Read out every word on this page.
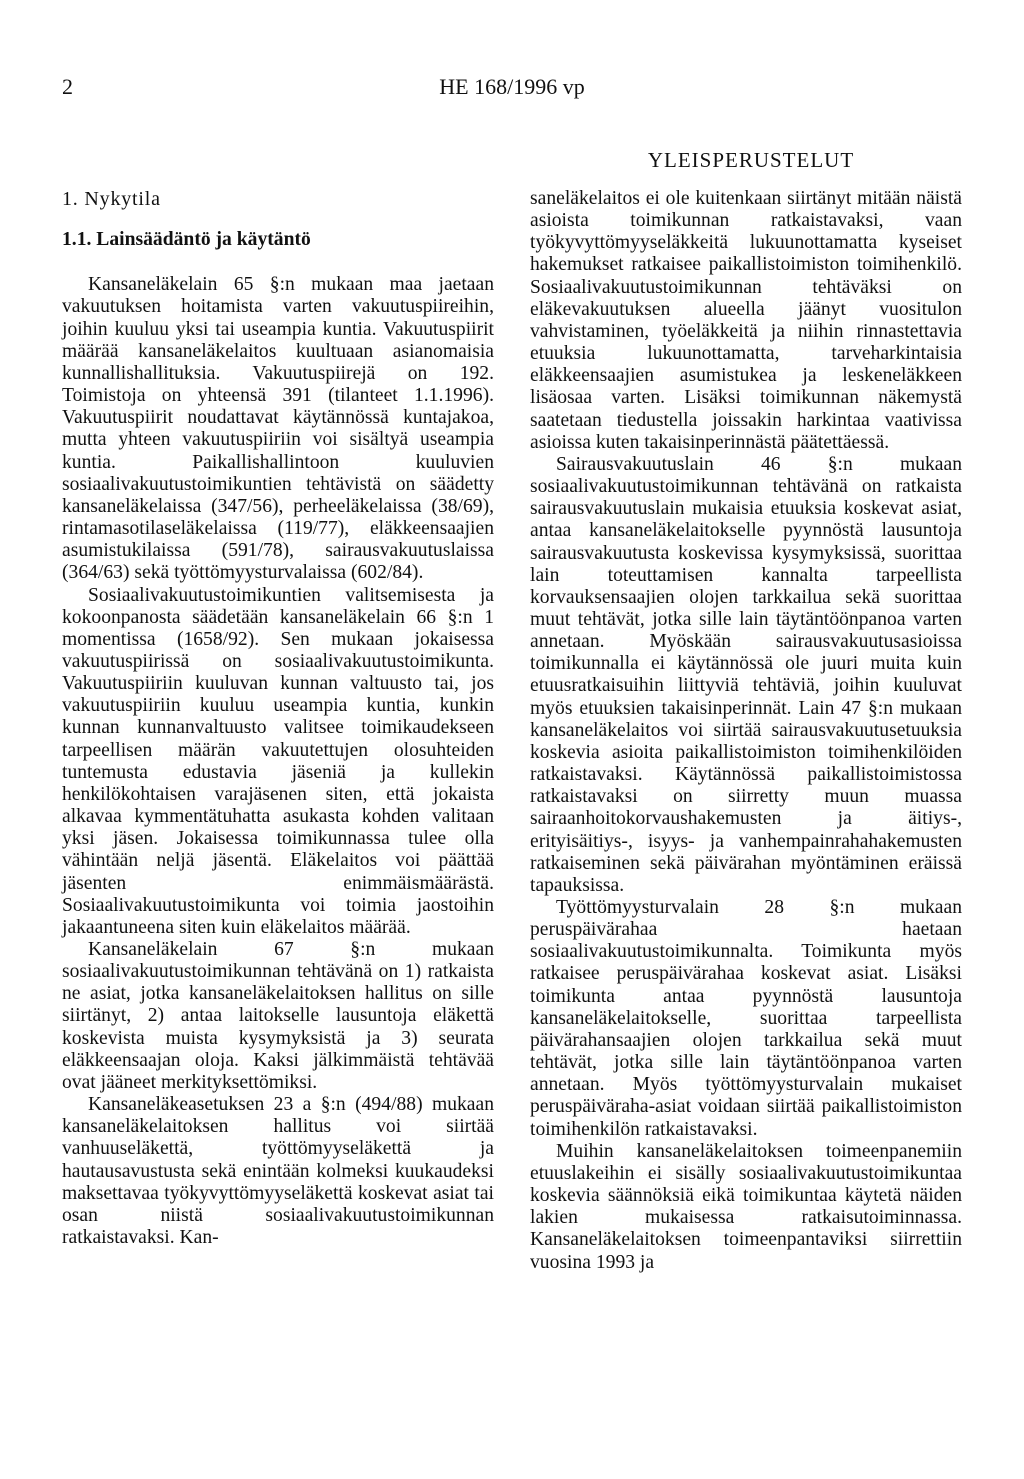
2	HE 168/1996 vp
YLEISPERUSTELUT
1. Nykytila
1.1. Lainsäädäntö ja käytäntö

Kansaneläkelain 65 §:n mukaan maa jaetaan vakuutuksen hoitamista varten vakuutuspiireihin, joihin kuuluu yksi tai useampia kuntia. Vakuutuspiirit määrää kansaneläkelaitos kuultuaan asianomaisia kunnallishallituksia. Vakuutuspiirejä on 192. Toimistoja on yhteensä 391 (tilanteet 1.1.1996). Vakuutuspiirit noudattavat käytännössä kuntajakoa, mutta yhteen vakuutuspiiriin voi sisältyä useampia kuntia. Paikallishallintoon kuuluvien sosiaalivakuutustoimikuntien tehtävistä on säädetty kansaneläkelaissa (347/56), perheeläkelaissa (38/69), rintamasotilaseläkelaissa (119/77), eläkkeensaajien asumistukilaissa (591/78), sairausvakuutuslaissa (364/63) sekä työttömyysturvalaissa (602/84).

Sosiaalivakuutustoimikuntien valitsemisesta ja kokoonpanosta säädetään kansaneläkelain 66 §:n 1 momentissa (1658/92). Sen mukaan jokaisessa vakuutuspiirissä on sosiaalivakuutustoimikunta. Vakuutuspiiriin kuuluvan kunnan valtuusto tai, jos vakuutuspiiriin kuuluu useampia kuntia, kunkin kunnan kunnanvaltuusto valitsee toimikaudekseen tarpeellisen määrän vakuutettujen olosuhteiden tuntemusta edustavia jäseniä ja kullekin henkilökohtaisen varajäsenen siten, että jokaista alkavaa kymmentätuhatta asukasta kohden valitaan yksi jäsen. Jokaisessa toimikunnassa tulee olla vähintään neljä jäsentä. Eläkelaitos voi päättää jäsenten enimmäismäärästä. Sosiaalivakuutustoimikunta voi toimia jaostoihin jakaantuneena siten kuin eläkelaitos määrää.

Kansaneläkelain 67 §:n mukaan sosiaalivakuutustoimikunnan tehtävänä on 1) ratkaista ne asiat, jotka kansaneläkelaitoksen hallitus on sille siirtänyt, 2) antaa laitokselle lausuntoja eläkettä koskevista muista kysymyksistä ja 3) seurata eläkkeensaajan oloja. Kaksi jälkimmäistä tehtävää ovat jääneet merkityksettömiksi.

Kansaneläkeasetuksen 23 a §:n (494/88) mukaan kansaneläkelaitoksen hallitus voi siirtää vanhuuseläkettä, työttömyyseläkettä ja hautausavustusta sekä enintään kolmeksi kuukaudeksi maksettavaa työkyvyttömyyseläkettä koskevat asiat tai osan niistä sosiaalivakuutustoimikunnan ratkaistavaksi. Kan-

saneläkelaitos ei ole kuitenkaan siirtänyt mitään näistä asioista toimikunnan ratkaistavaksi, vaan työkyvyttömyyseläkkeitä lukuunottamatta kyseiset hakemukset ratkaisee paikallistoimiston toimihenkilö. Sosiaalivakuutustoimikunnan tehtäväksi on eläkevakuutuksen alueella jäänyt vuositulon vahvistaminen, työeläkkeitä ja niihin rinnastettavia etuuksia lukuunottamatta, tarveharkintaisia eläkkeensaajien asumistukea ja leskeneläkkeen lisäosaa varten. Lisäksi toimikunnan näkemystä saatetaan tiedustella joissakin harkintaa vaativissa asioissa kuten takaisinperinnästä päätettäessä.

Sairausvakuutuslain 46 §:n mukaan sosiaalivakuutustoimikunnan tehtävänä on ratkaista sairausvakuutuslain mukaisia etuuksia koskevat asiat, antaa kansaneläkelaitokselle pyynnöstä lausuntoja sairausvakuutusta koskevissa kysymyksissä, suorittaa lain toteuttamisen kannalta tarpeellista korvauksensaajien olojen tarkkailua sekä suorittaa muut tehtävät, jotka sille lain täytäntöönpanoa varten annetaan. Myöskään sairausvakuutusasioissa toimikunnalla ei käytännössä ole juuri muita kuin etuusratkaisuihin liittyviä tehtäviä, joihin kuuluvat myös etuuksien takaisinperinnät. Lain 47 §:n mukaan kansaneläkelaitos voi siirtää sairausvakuutusetuuksia koskevia asioita paikallistoimiston toimihenkilöiden ratkaistavaksi. Käytännössä paikallistoimistossa ratkaistavaksi on siirretty muun muassa sairaanhoitokorvaushakemusten ja äitiys-, erityisäitiys-, isyys- ja vanhempainrahahakemusten ratkaiseminen sekä päivärahan myöntäminen eräissä tapauksissa.

Työttömyysturvalain 28 §:n mukaan peruspäivärahaa haetaan sosiaalivakuutustoimikunnalta. Toimikunta myös ratkaisee peruspäivärahaa koskevat asiat. Lisäksi toimikunta antaa pyynnöstä lausuntoja kansaneläkelaitokselle, suorittaa tarpeellista päivärahansaajien olojen tarkkailua sekä muut tehtävät, jotka sille lain täytäntöönpanoa varten annetaan. Myös työttömyysturvalain mukaiset peruspäiväraha-asiat voidaan siirtää paikallistoimiston toimihenkilön ratkaistavaksi.

Muihin kansaneläkelaitoksen toimeenpanemiin etuuslakeihin ei sisälly sosiaalivakuutustoimikuntaa koskevia säännöksiä eikä toimikuntaa käytetä näiden lakien mukaisessa ratkaisutoiminnassa. Kansaneläkelaitoksen toimeenpantaviksi siirrettiin vuosina 1993 ja
